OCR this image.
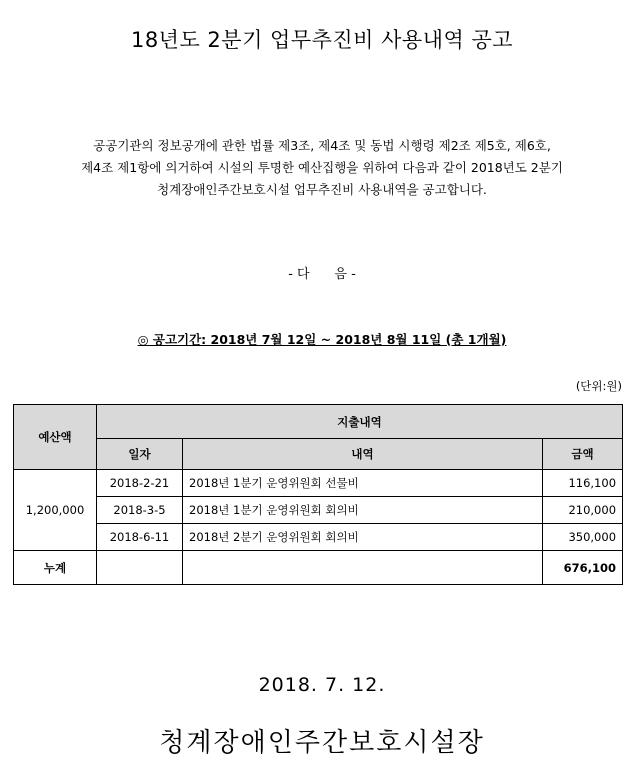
18년도 2분기 업무추진비 사용내역 공고
공공기관의 정보공개에 관한 법률 제3조, 제4조 및 동법 시행령 제2조 제5호, 제6호,
제4조 제1항에 의거하여 시설의 투명한 예산집행을 위하여 다음과 같이 2018년도 2분기
청계장애인주간보호시설 업무추진비 사용내역을 공고합니다.
- 다      음 -
◎ 공고기간: 2018년 7월 12일 ~ 2018년 8월 11일 (총 1개월)
(단위:원)
예산액	지출내역		
	일자	내역	금액
1,200,000	2018-2-21	2018년 1분기 운영위원회 선물비	116,100
	2018-3-5	2018년 1분기 운영위원회 회의비	210,000
	2018-6-11	2018년 2분기 운영위원회 회의비	350,000
누계			676,100
2018. 7. 12.
청계장애인주간보호시설장
